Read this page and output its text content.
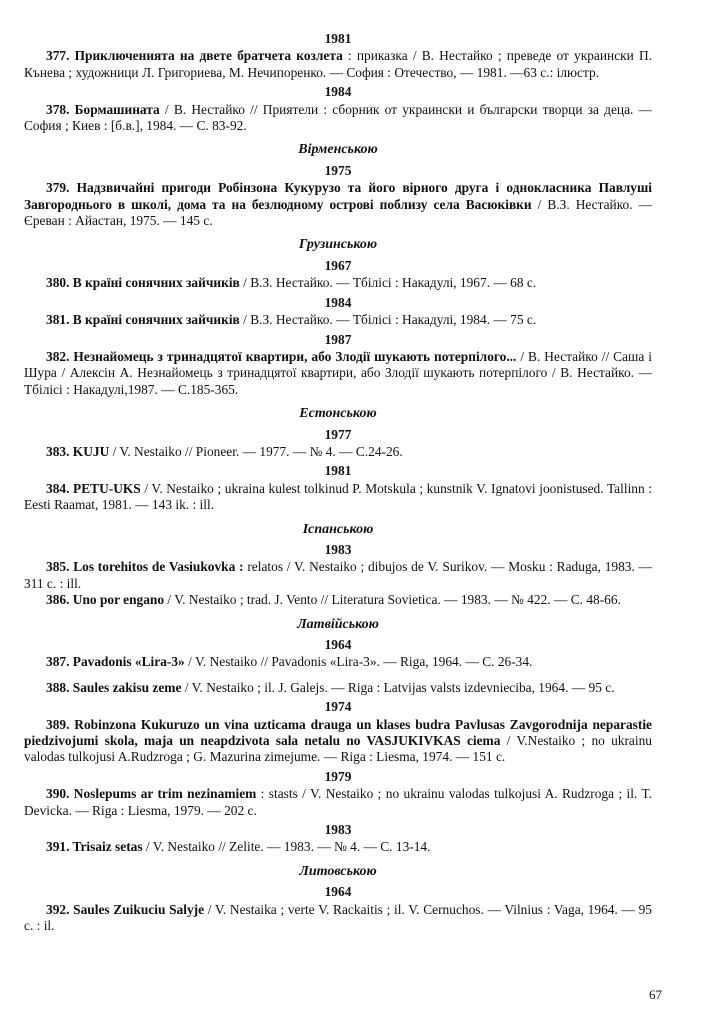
1981

377. Приключенията на двете братчета козлета : приказка / В. Нестайко ; преведе от украински П. Кънева ; художници Л. Григориева, М. Нечипоренко. — София : Отечество, — 1981. —63 с.: ілюстр.

1984

378. Бормашината / В. Нестайко // Приятели : сборник от украински и български творци за деца. — София ; Киев : [б.в.], 1984. — С. 83-92.

Вірменською
1975

379. Надзвичайні пригоди Робінзона Кукурузо та його вірного друга і однокласника Павлуші Завгороднього в школі, дома та на безлюдному острові поблизу села Васюківки / В.З. Нестайко. — Єреван : Айастан, 1975. — 145 с.

Грузинською
1967

380. В країні сонячних зайчиків / В.З. Нестайко. — Тбілісі : Накадулі, 1967. — 68 с.

1984

381. В країні сонячних зайчиків / В.З. Нестайко. — Тбілісі : Накадулі, 1984. — 75 с.

1987

382. Незнайомець з тринадцятої квартири, або Злодії шукають потерпілого... / В. Нестайко // Саша і Шура / Алексін А. Незнайомець з тринадцятої квартири, або Злодії шукають потерпілого / В. Нестайко. — Тбілісі : Накадулі,1987. — С.185-365.

Естонською
1977

383. KUJU / V. Nestaiko // Pioneer. — 1977. — № 4. — С.24-26.

1981

384. PETU-UKS / V. Nestaiko ; ukraina kulest tolkinud P. Motskula ; kunstnik V. Ignatovi joonistused. Tallinn : Eesti Raamat, 1981. — 143 ik. : ill.

Іспанською
1983

385. Los torehitos de Vasiukovka : relatos / V. Nestaiko ; dibujos de V. Surikov. — Mosku : Raduga, 1983. — 311 c. : ill.

386. Uno por engano / V. Nestaiko ; trad. J. Vento // Literatura Sovietica. — 1983. — № 422. — С. 48-66.

Латвійською
1964

387. Pavadonis «Lira-3» / V. Nestaiko // Pavadonis «Lira-3». — Riga, 1964. — С. 26-34.

388. Saules zakisu zeme / V. Nestaiko ; il. J. Galejs. — Riga : Latvijas valsts izdevnieciba, 1964. — 95 c.

1974

389. Robinzona Kukuruzo un vina uzticama drauga un klases budra Pavlusas Zavgorodnija neparastie piedzivojumi skola, maja un neapdzivota sala netalu no VASJUKIVKAS ciema / V.Nestaiko ; no ukrainu valodas tulkojusi A.Rudzroga ; G. Mazurina zimejume. — Riga : Liesma, 1974. — 151 c.

1979

390. Noslepums ar trim nezinamiem : stasts / V. Nestaiko ; no ukrainu valodas tulkojusi A. Rudzroga ; il. T. Devicka. — Riga : Liesma, 1979. — 202 c.

1983

391. Trisaiz setas / V. Nestaiko // Zelite. — 1983. — № 4. — С. 13-14.

Литовською
1964

392. Saules Zuikuciu Salyje / V. Nestaika ; verte V. Rackaitis ; il. V. Cernuchos. — Vilnius : Vaga, 1964. — 95 c. : il.

67
